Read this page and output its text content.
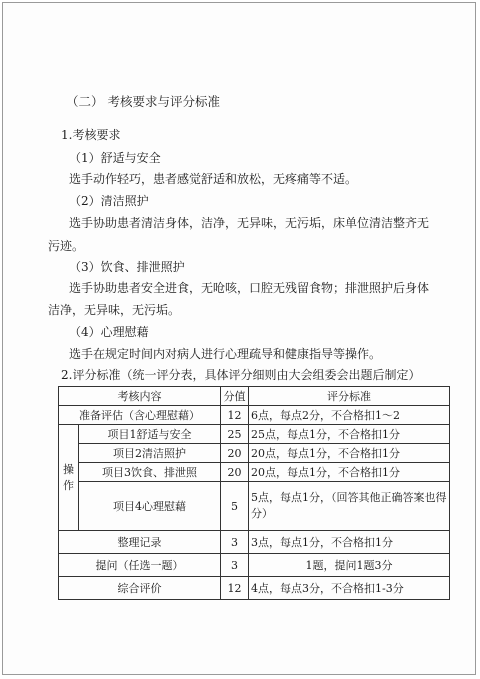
（二） 考核要求与评分标准
1.考核要求
（1）舒适与安全
选手动作轻巧，患者感觉舒适和放松，无疼痛等不适。
（2）清洁照护
选手协助患者清洁身体，洁净，无异味，无污垢，床单位清洁整齐无
污迹。
（3）饮食、排泄照护
选手协助患者安全进食，无呛咳，口腔无残留食物；排泄照护后身体
洁净，无异味，无污垢。
（4）心理慰藉
选手在规定时间内对病人进行心理疏导和健康指导等操作。
2.评分标准（统一评分表，具体评分细则由大会组委会出题后制定）
考核内容		分值	评分标准
准备评估（含心理慰藉）		12	6点，每点2分，不合格扣1～2
操作	项目1舒适与安全	25	25点，每点1分，不合格扣1分
	项目2清洁照护	20	20点，每点1分，不合格扣1分
	项目3饮食、排泄照	20	20点，每点1分，不合格扣1分
	项目4心理慰藉	5	5点，每点1分，（回答其他正确答案也得分）

整理记录		3	3点，每点1分，不合格扣1分
提问（任选一题）		3	1题，提问1题3分
综合评价		12	4点，每点3分，不合格扣1-3分
